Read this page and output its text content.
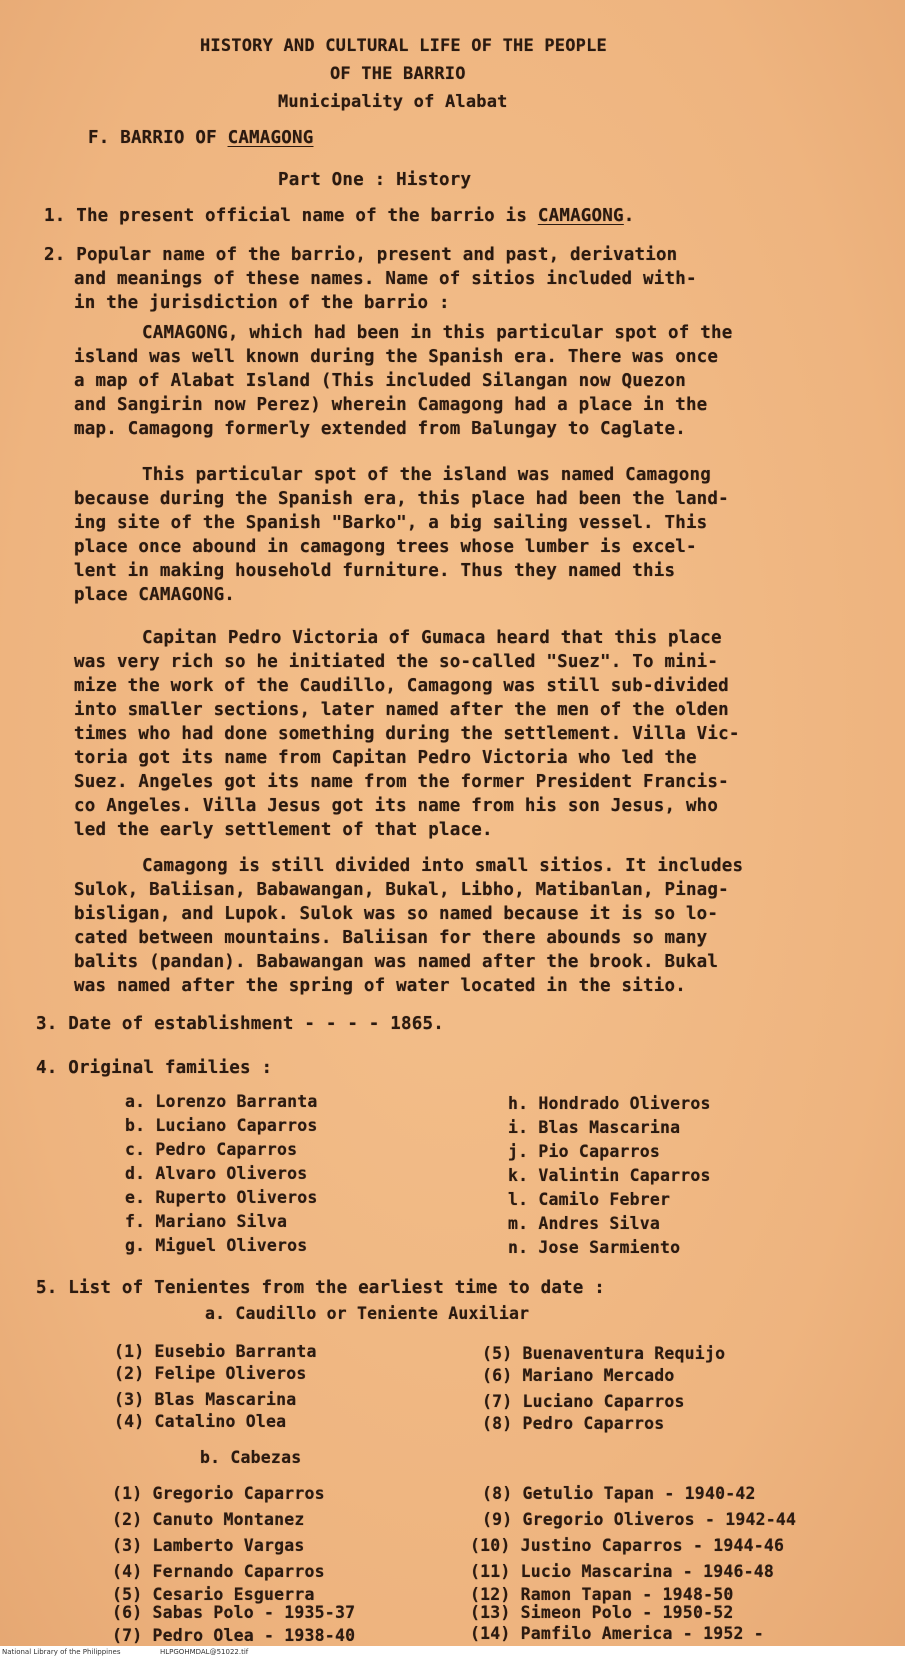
HISTORY AND CULTURAL LIFE OF THE PEOPLE
OF THE BARRIO
Municipality of Alabat
F. BARRIO OF CAMAGONG
Part One : History
1. The present official name of the barrio is CAMAGONG.
2. Popular name of the barrio, present and past, derivation
and meanings of these names. Name of sitios included with-
in the jurisdiction of the barrio :
CAMAGONG, which had been in this particular spot of the
island was well known during the Spanish era. There was once
a map of Alabat Island (This included Silangan now Quezon
and Sangirin now Perez) wherein Camagong had a place in the
map. Camagong formerly extended from Balungay to Caglate.
This particular spot of the island was named Camagong
because during the Spanish era, this place had been the land-
ing site of the Spanish "Barko", a big sailing vessel. This
place once abound in camagong trees whose lumber is excel-
lent in making household furniture. Thus they named this
place CAMAGONG.
Capitan Pedro Victoria of Gumaca heard that this place
was very rich so he initiated the so-called "Suez". To mini-
mize the work of the Caudillo, Camagong was still sub-divided
into smaller sections, later named after the men of the olden
times who had done something during the settlement. Villa Vic-
toria got its name from Capitan Pedro Victoria who led the
Suez. Angeles got its name from the former President Francis-
co Angeles. Villa Jesus got its name from his son Jesus, who
led the early settlement of that place.
Camagong is still divided into small sitios. It includes
Sulok, Baliisan, Babawangan, Bukal, Libho, Matibanlan, Pinag-
bisligan, and Lupok. Sulok was so named because it is so lo-
cated between mountains. Baliisan for there abounds so many
balits (pandan). Babawangan was named after the brook. Bukal
was named after the spring of water located in the sitio.
3. Date of establishment - - - - 1865.
4. Original families :
a. Lorenzo Barranta
b. Luciano Caparros
c. Pedro Caparros
d. Alvaro Oliveros
e. Ruperto Oliveros
f. Mariano Silva
g. Miguel Oliveros
h. Hondrado Oliveros
i. Blas Mascarina
j. Pio Caparros
k. Valintin Caparros
l. Camilo Febrer
m. Andres Silva
n. Jose Sarmiento
5. List of Tenientes from the earliest time to date :
a. Caudillo or Teniente Auxiliar
(1) Eusebio Barranta
(2) Felipe Oliveros
(3) Blas Mascarina
(4) Catalino Olea
(5) Buenaventura Requijo
(6) Mariano Mercado
(7) Luciano Caparros
(8) Pedro Caparros
b. Cabezas
(1) Gregorio Caparros
(2) Canuto Montanez
(3) Lamberto Vargas
(4) Fernando Caparros
(5) Cesario Esguerra
(6) Sabas Polo - 1935-37
(7) Pedro Olea - 1938-40
(8) Getulio Tapan - 1940-42
(9) Gregorio Oliveros - 1942-44
(10) Justino Caparros - 1944-46
(11) Lucio Mascarina - 1946-48
(12) Ramon Tapan - 1948-50
(13) Simeon Polo - 1950-52
(14) Pamfilo America - 1952 -
National Library of the Philippines	HLPGOHMDAL@51022.tif
